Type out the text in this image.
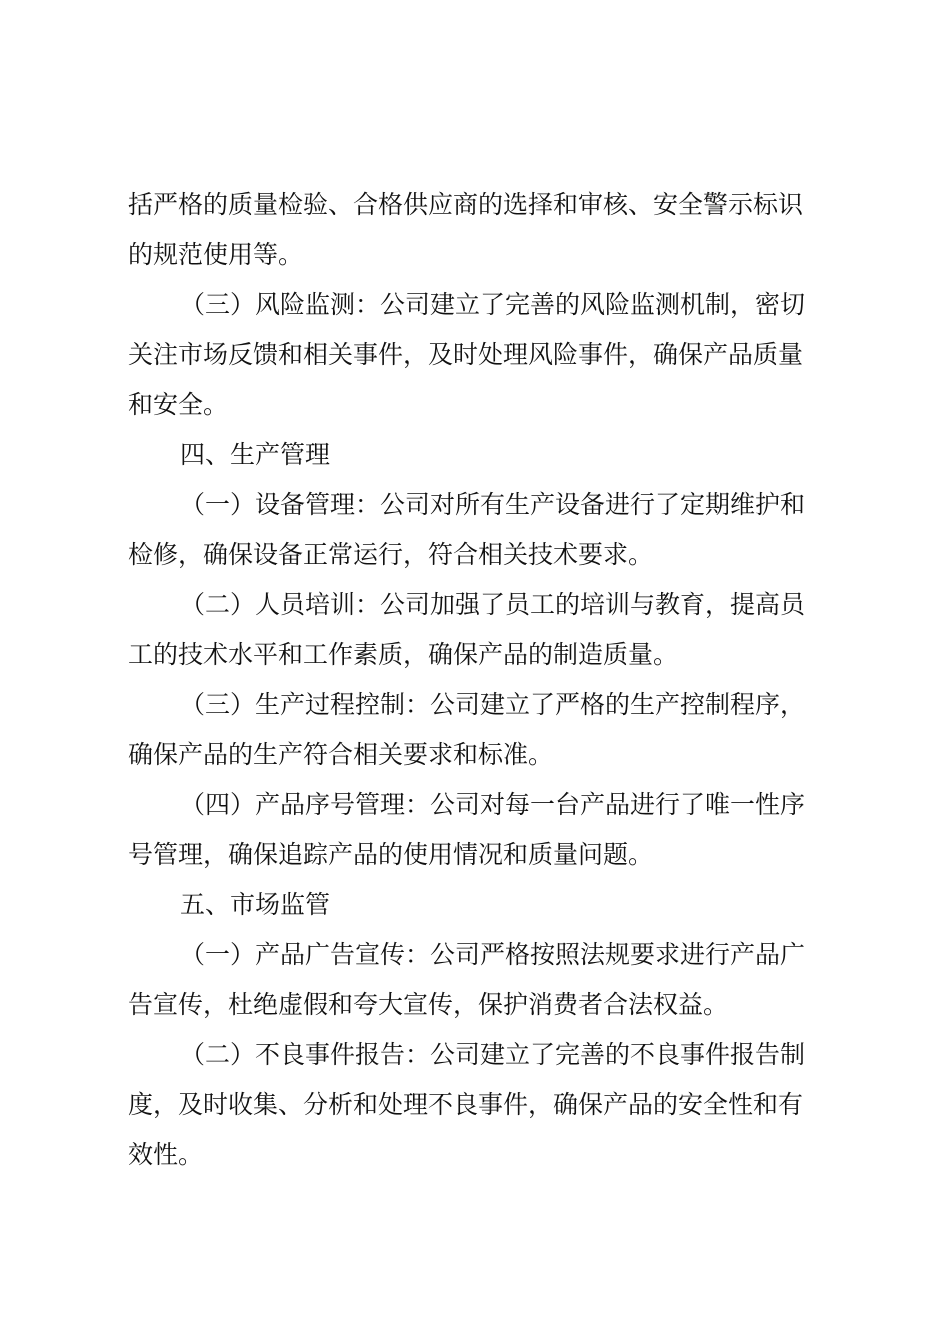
括严格的质量检验、合格供应商的选择和审核、安全警示标识
的规范使用等。
（三）风险监测：公司建立了完善的风险监测机制，密切
关注市场反馈和相关事件，及时处理风险事件，确保产品质量
和安全。
四、生产管理
（一）设备管理：公司对所有生产设备进行了定期维护和
检修，确保设备正常运行，符合相关技术要求。
（二）人员培训：公司加强了员工的培训与教育，提高员
工的技术水平和工作素质，确保产品的制造质量。
（三）生产过程控制：公司建立了严格的生产控制程序，
确保产品的生产符合相关要求和标准。
（四）产品序号管理：公司对每一台产品进行了唯一性序
号管理，确保追踪产品的使用情况和质量问题。
五、市场监管
（一）产品广告宣传：公司严格按照法规要求进行产品广
告宣传，杜绝虚假和夸大宣传，保护消费者合法权益。
（二）不良事件报告：公司建立了完善的不良事件报告制
度，及时收集、分析和处理不良事件，确保产品的安全性和有
效性。
